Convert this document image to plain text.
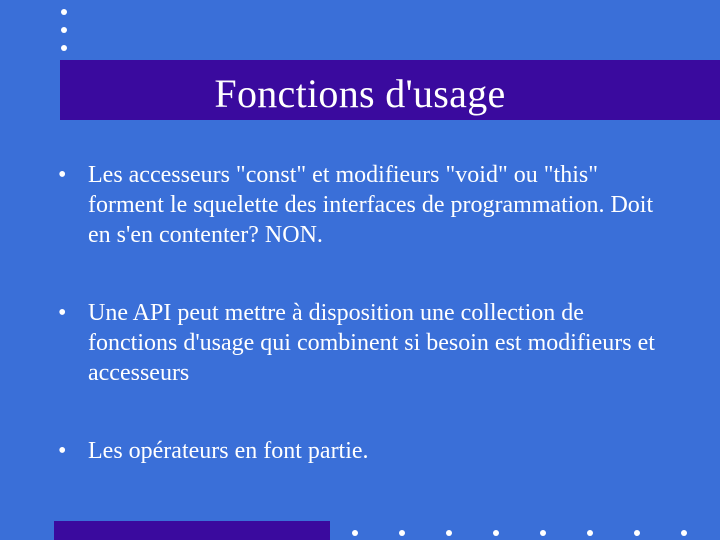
Fonctions d'usage
• Les accesseurs "const" et modifieurs "void" ou "this" forment le squelette des interfaces de programmation. Doit en s'en contenter? NON.
• Une API peut mettre à disposition une collection de fonctions d'usage qui combinent si besoin est modifieurs et accesseurs
• Les opérateurs en font partie.
